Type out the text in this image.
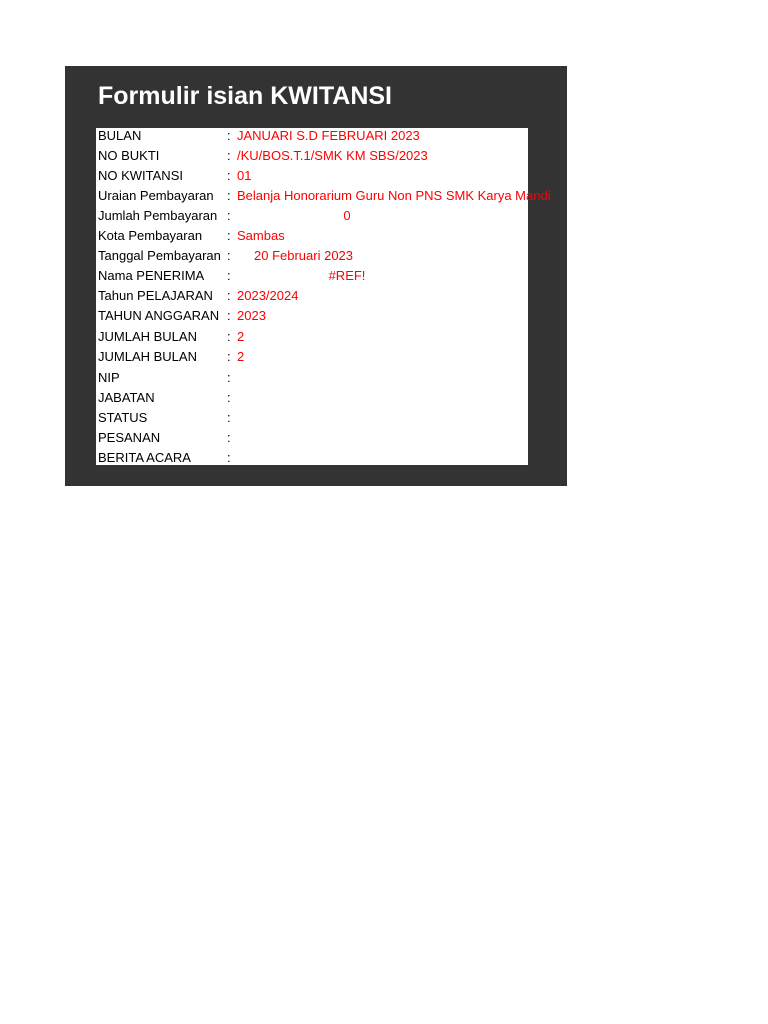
Formulir isian KWITANSI
BULAN	: JANUARI S.D FEBRUARI 2023
NO BUKTI	: /KU/BOS.T.1/SMK KM SBS/2023
NO KWITANSI	: 01
Uraian Pembayaran : Belanja Honorarium Guru Non PNS SMK Karya Mandi
Jumlah Pembayaran :	0
Kota Pembayaran : Sambas
Tanggal Pembayaran : 20 Februari 2023
Nama PENERIMA :	#REF!
Tahun PELAJARAN : 2023/2024
TAHUN ANGGARAN : 2023
JUMLAH BULAN : 2
JUMLAH BULAN : 2
NIP	:
JABATAN	:
STATUS	:
PESANAN	:
BERITA ACARA	:
